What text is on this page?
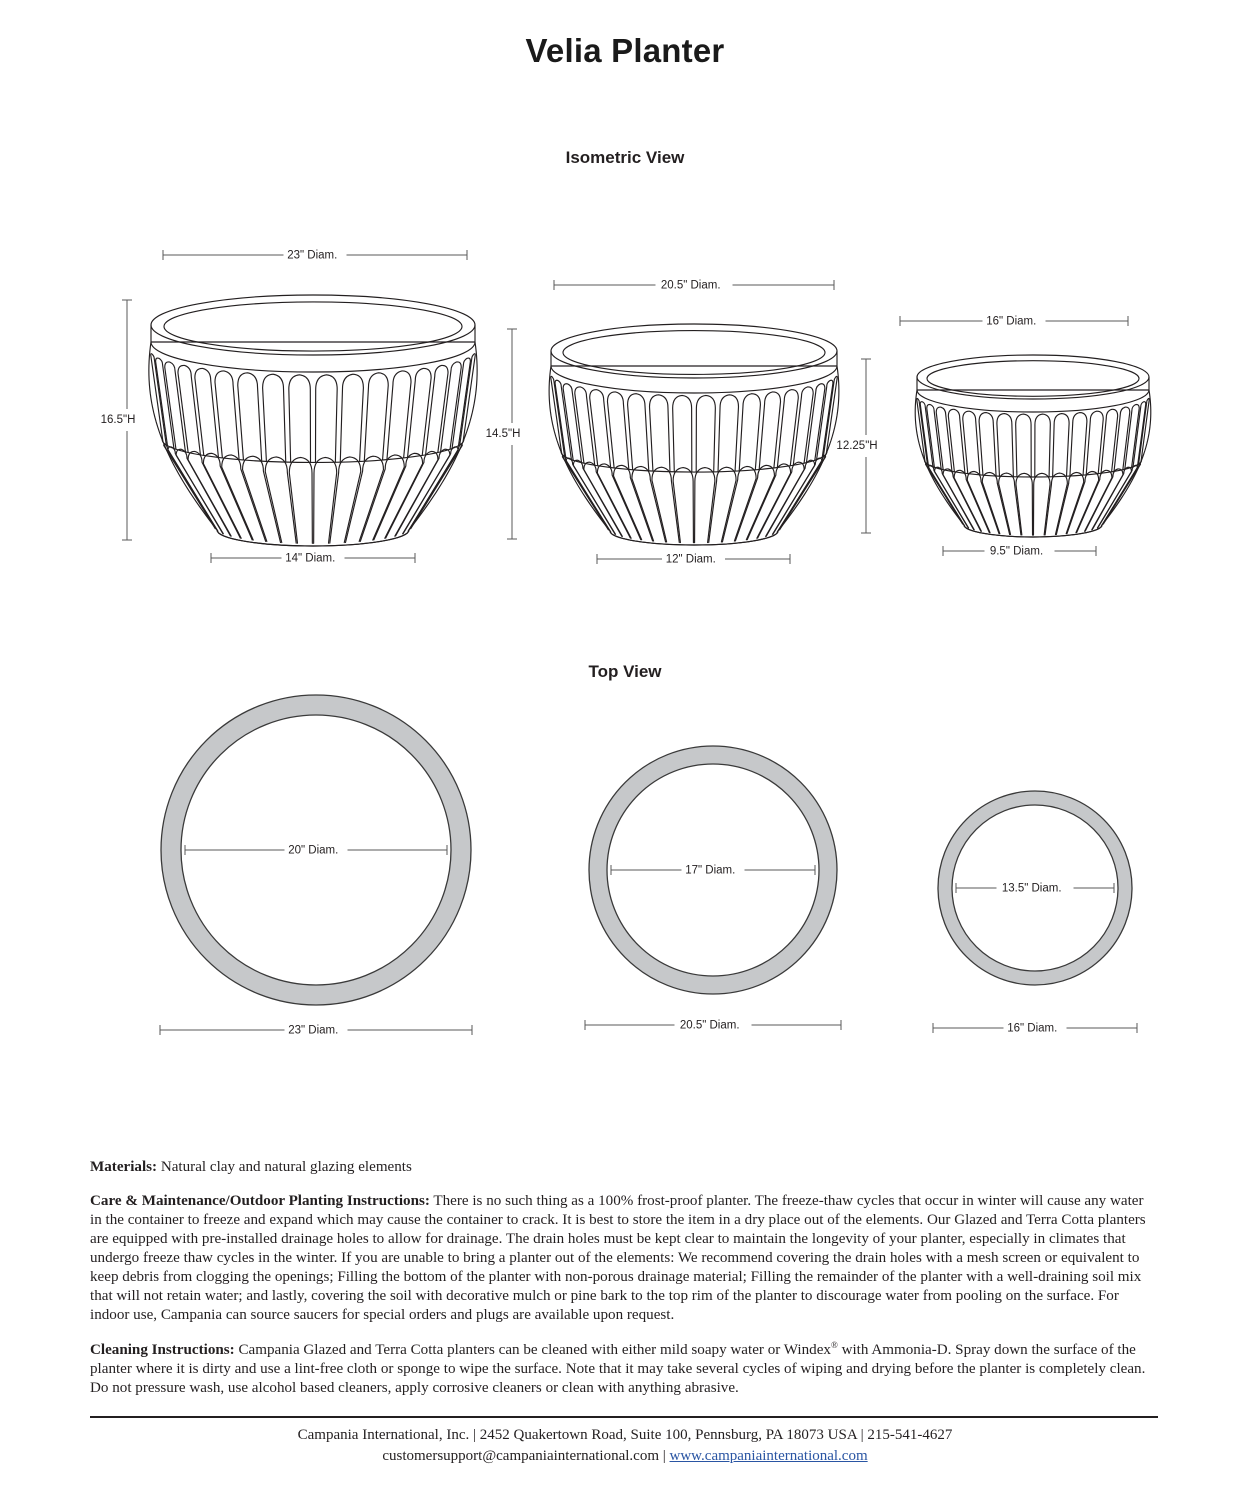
Velia Planter
Isometric View
23" Diam.
16.5"H
14" Diam.
20.5" Diam.
14.5"H
12" Diam.
16" Diam.
12.25"H
9.5" Diam.
Top View
20" Diam.
23" Diam.
17" Diam.
20.5" Diam.
13.5" Diam.
16" Diam.

Materials: Natural clay and natural glazing elements

Care & Maintenance/Outdoor Planting Instructions: There is no such thing as a 100% frost-proof planter. The freeze-thaw cycles that occur in winter will cause any water in the container to freeze and expand which may cause the container to crack. It is best to store the item in a dry place out of the elements. Our Glazed and Terra Cotta planters are equipped with pre-installed drainage holes to allow for drainage. The drain holes must be kept clear to maintain the longevity of your planter, especially in climates that undergo freeze thaw cycles in the winter. If you are unable to bring a planter out of the elements: We recommend covering the drain holes with a mesh screen or equivalent to keep debris from clogging the openings; Filling the bottom of the planter with non-porous drainage material; Filling the remainder of the planter with a well-draining soil mix that will not retain water; and lastly, covering the soil with decorative mulch or pine bark to the top rim of the planter to discourage water from pooling on the surface. For indoor use, Campania can source saucers for special orders and plugs are available upon request.

Cleaning Instructions: Campania Glazed and Terra Cotta planters can be cleaned with either mild soapy water or Windex® with Ammonia-D. Spray down the surface of the planter where it is dirty and use a lint-free cloth or sponge to wipe the surface. Note that it may take several cycles of wiping and drying before the planter is completely clean. Do not pressure wash, use alcohol based cleaners, apply corrosive cleaners or clean with anything abrasive.

Campania International, Inc. | 2452 Quakertown Road, Suite 100, Pennsburg, PA 18073 USA | 215-541-4627
customersupport@campaniainternational.com | www.campaniainternational.com
